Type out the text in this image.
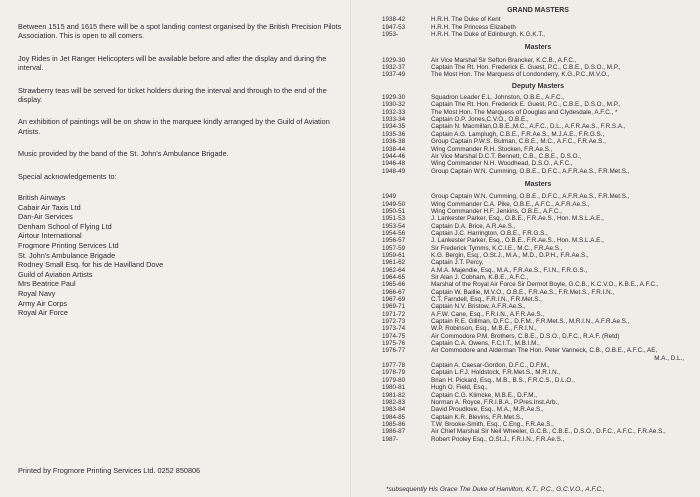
Between 1515 and 1615 there will be a spot landing contest organised by the British Precision Pilots Association. This is open to all comers.

Joy Rides in Jet Ranger Helicopters will be available before and after the display and during the interval.

Strawberry teas will be served for ticket holders during the interval and through to the end of the display.

An exhibition of paintings will be on show in the marquee kindly arranged by the Guild of Aviation Artists.

Music provided by the band of the St. John's Ambulance Brigade.

Special acknowledgements to:

British Airways
Cabair Air Taxis Ltd
Dan-Air Services
Denham School of Flying Ltd
Airtour International
Frogmore Printing Services Ltd
St. John's Ambulance Brigade
Rodney Small Esq. for his de Havilland Dove
Guild of Aviation Artists
Mrs Beatrice Paul
Royal Navy
Army Air Corps
Royal Air Force
Printed by Frogmore Printing Services Ltd. 0252 850806
GRAND MASTERS
1938-42	H.R.H. The Duke of Kent
1947-53	H.R.H. The Princess Elizabeth
1953-	H.R.H. The Duke of Edinburgh, K.G.K.T.,
Masters
1929-30	Air Vice Marshal Sir Sefton Brancker, K.C.B., A.F.C.,
1932-37	Captain The Rt. Hon. Frederick E. Guest, P.C., C.B.E., D.S.O., M.P.,
1937-49	The Most Hon. The Marquess of Londonderry, K.G.,P.C.,M.V.O.,
Deputy Masters
1929-30	Squadron Leader E.L. Johnston, O.B.E., A.F.C.,
1930-32	Captain The Rt. Hon. Frederick E. Guest, P.C., C.B.E., D.S.O., M.P.,
1932-33	The Most Hon. The Marquess of Douglas and Clydesdale, A.F.C., *
1933-34	Captain O.P. Jones,C.V.O., O.B.E.,
1934-35	Captain N. Macmillan,O.B.E.,M.C., A.F.C., D.L., A.F.R.Ae.S., F.R.S.A.,
1935-36	Captain A.G. Lamplugh, C.B.E., F.R.Ae.S., M.J.A.E., F.R.G.S.,
1936-38	Group Captain P.W.S. Bulman, C.B.E., M.C., A.F.C., F.R.Ae.S.,
1938-44	Wing Commander R.H. Stocken, F.R.Ae.S.,
1944-46	Air Vice Marshal D.C.T. Bennett, C.B., C.B.E., D.S.O.,
1946-48	Wing Commander N.H. Woodhead, D.S.O., A.F.C.,
1948-49	Group Captain W.N. Cumming, O.B.E., D.F.C., A.F.R.Ae.S., F.R.Met.S.,
Masters
1949	Group Captain W.N. Cumming, O.B.E., D.F.C., A.F.R.Ae.S., F.R.Met.S.,
1949-50	Wing Commander C.A. Pike, O.B.E., A.F.C., A.F.R.Ae.S.,
1950-51	Wing Commander H.F. Jenkins, O.B.E., A.F.C.,
1951-53	J. Lankester Parker, Esq., O.B.E., F.R.Ae.S., Hon. M.S.L.A.E.,
1953-54	Captain D.A. Brice, A.R.Ae.S.,
1954-56	Captain J.C. Harrington, O.B.E., F.R.G.S.,
1956-57	J. Lankester Parker, Esq., O.B.E., F.R.Ae.S., Hon. M.S.L.A.E.,
1957-59	Sir Frederick Tymms, K.C.I.E., M.C., F.R.Ae.S.,
1959-61	K.G. Bergin, Esq., O.St.J., M.A., M.D., D.P.H., F.R.Ae.S.,
1961-62	Captain J.T. Percy,
1962-64	A.M.A. Majendie, Esq., M.A., F.R.Ae.S., F.I.N., F.R.G.S.,
1964-65	Sir Alan J. Cobham, K.B.E., A.F.C.,
1965-66	Marshal of the Royal Air Force Sir Dermot Boyle, G.C.B., K.C.V.O., K.B.E., A.F.C.,
1966-67	Captain W. Baillie, M.V.O., O.B.E., F.R.Ae.S., F.R.Met.S., F.R.I.N.,
1967-69	C.T. Farndell, Esq., F.R.I.N., F.R.Met.S.,
1969-71	Captain N.V. Bristow, A.F.R.Ae.S.,
1971-72	A.F.W. Cane, Esq., F.R.I.N., A.F.R.Ae.S.,
1972-73	Captain R.E. Gillman, D.F.C., D.F.M., F.R.Met.S., M.R.I.N., A.F.R.Ae.S.,
1973-74	W.P. Robinson, Esq., M.B.E., F.R.I.N.,
1974-75	Air Commodore P.M. Brothers, C.B.E., D.S.O., D.F.C., R.A.F. (Retd)
1975-76	Captain C.A. Owens, F.C.I.T., M.B.I.M.,
1976-77	Air Commodore and Alderman The Hon. Peter Vanneck, C.B., O.B.E., A.F.C., AE,
M.A., D.L.,
1977-78	Captain A. Caesar-Gordon, D.F.C., D.F.M.,
1978-79	Captain L.F.J. Holdstock, F.R.Met.S., M.R.I.N.,
1979-80	Brian H. Pickard, Esq., M.B., B.S., F.R.C.S., D.L.O.,
1980-81	Hugh O. Field, Esq.,
1981-82	Captain C.G. Klimcke, M.B.E., D.F.M.,
1982-83	Norman A. Royce, F.R.I.B.A., P.Pres.Inst.Arb.,
1983-84	David Proudlove, Esq., M.A., M.R.Ae.S.,
1984-85	Captain K.R. Blevins, F.R.Met.S.,
1985-86	T.W. Brooke-Smith, Esq., C.Eng., F.R.Ae.S.,
1986-87	Air Chief Marshal Sir Neil Wheeler, G.C.B., C.B.E., D.S.O., D.F.C., A.F.C., F.R.Ae.S.,
1987-	Robert Pooley Esq., O.St.J., F.R.I.N., F.R.Ae.S.,
*subsequently His Grace The Duke of Hamilton, K.T., P.C., G.C.V.O., A.F.C.,
